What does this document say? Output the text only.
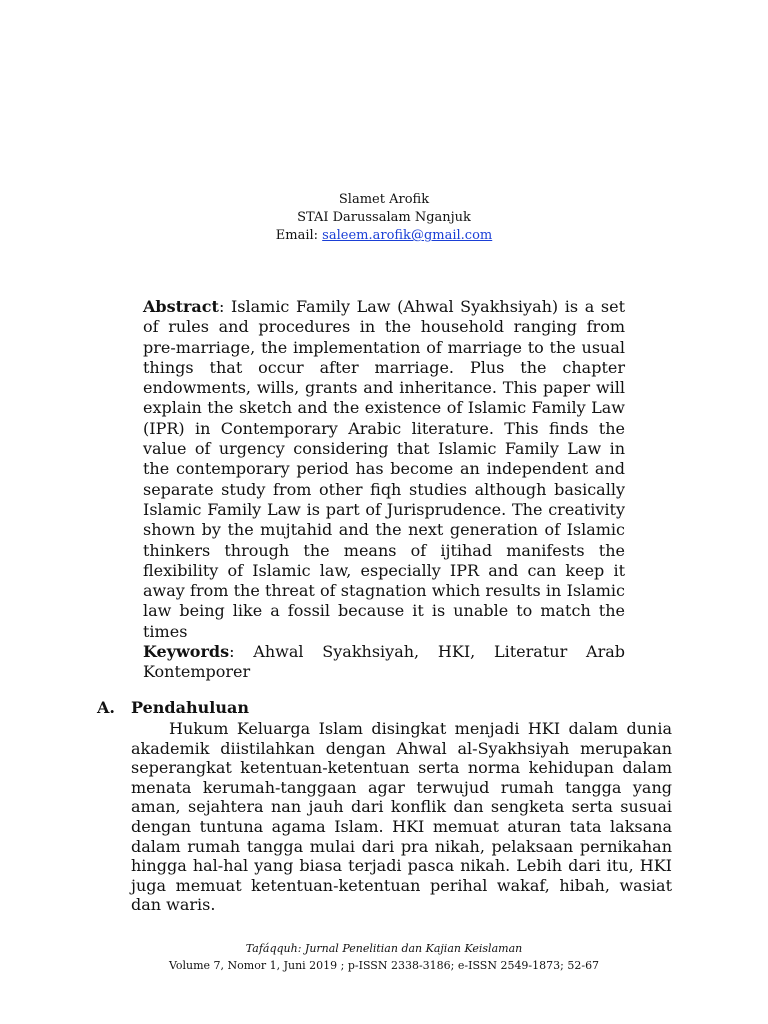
Slamet Arofik
STAI Darussalam Nganjuk
Email: saleem.arofik@gmail.com

Abstract: Islamic Family Law (Ahwal Syakhsiyah) is a set of rules and procedures in the household ranging from pre-marriage, the implementation of marriage to the usual things that occur after marriage. Plus the chapter endowments, wills, grants and inheritance. This paper will explain the sketch and the existence of Islamic Family Law (IPR) in Contemporary Arabic literature. This finds the value of urgency considering that Islamic Family Law in the contemporary period has become an independent and separate study from other fiqh studies although basically Islamic Family Law is part of Jurisprudence. The creativity shown by the mujtahid and the next generation of Islamic thinkers through the means of ijtihad manifests the flexibility of Islamic law, especially IPR and can keep it away from the threat of stagnation which results in Islamic law being like a fossil because it is unable to match the times

Keywords: Ahwal Syakhsiyah, HKI, Literatur Arab Kontemporer

A.	Pendahuluan

Hukum Keluarga Islam disingkat menjadi HKI dalam dunia akademik diistilahkan dengan Ahwal al-Syakhsiyah merupakan seperangkat ketentuan-ketentuan serta norma kehidupan dalam menata kerumah-tanggaan agar terwujud rumah tangga yang aman, sejahtera nan jauh dari konflik dan sengketa serta susuai dengan tuntuna agama Islam. HKI memuat aturan tata laksana dalam rumah tangga mulai dari pra nikah, pelaksaan pernikahan hingga hal-hal yang biasa terjadi pasca nikah. Lebih dari itu, HKI juga memuat ketentuan-ketentuan perihal wakaf, hibah, wasiat dan waris.

Tafáqquh: Jurnal Penelitian dan Kajian Keislaman
Volume 7, Nomor 1, Juni 2019 ; p-ISSN 2338-3186; e-ISSN 2549-1873; 52-67
